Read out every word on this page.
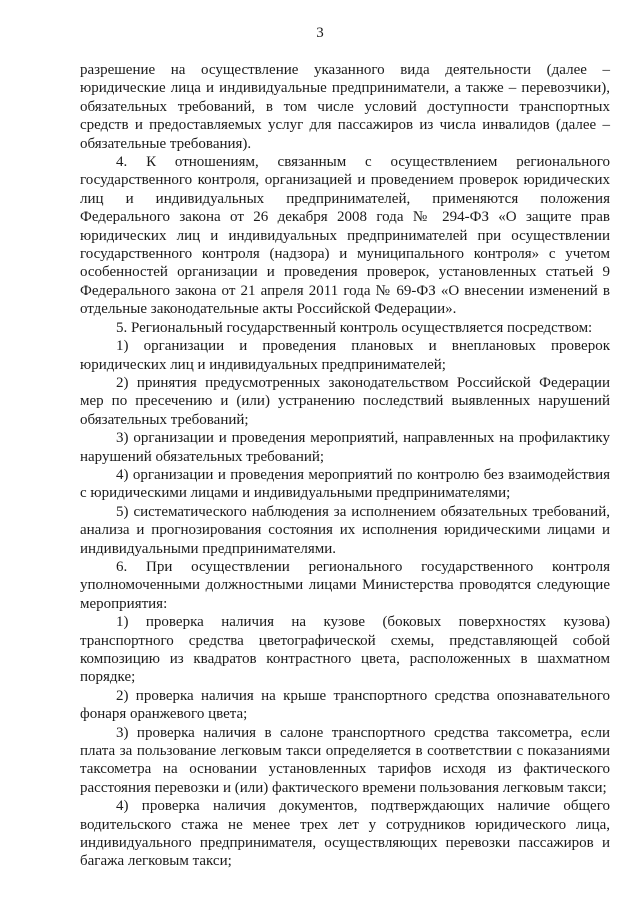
3

разрешение на осуществление указанного вида деятельности (далее – юридические лица и индивидуальные предприниматели, а также – перевозчики), обязательных требований, в том числе условий доступности транспортных средств и предоставляемых услуг для пассажиров из числа инвалидов (далее – обязательные требования).

4. К отношениям, связанным с осуществлением регионального государственного контроля, организацией и проведением проверок юридических лиц и индивидуальных предпринимателей, применяются положения Федерального закона от 26 декабря 2008 года № 294-ФЗ «О защите прав юридических лиц и индивидуальных предпринимателей при осуществлении государственного контроля (надзора) и муниципального контроля» с учетом особенностей организации и проведения проверок, установленных статьей 9 Федерального закона от 21 апреля 2011 года № 69-ФЗ «О внесении изменений в отдельные законодательные акты Российской Федерации».

5. Региональный государственный контроль осуществляется посредством:

1) организации и проведения плановых и внеплановых проверок юридических лиц и индивидуальных предпринимателей;

2) принятия предусмотренных законодательством Российской Федерации мер по пресечению и (или) устранению последствий выявленных нарушений обязательных требований;

3) организации и проведения мероприятий, направленных на профилактику нарушений обязательных требований;

4) организации и проведения мероприятий по контролю без взаимодействия с юридическими лицами и индивидуальными предпринимателями;

5) систематического наблюдения за исполнением обязательных требований, анализа и прогнозирования состояния их исполнения юридическими лицами и индивидуальными предпринимателями.

6. При осуществлении регионального государственного контроля уполномоченными должностными лицами Министерства проводятся следующие мероприятия:

1) проверка наличия на кузове (боковых поверхностях кузова) транспортного средства цветографической схемы, представляющей собой композицию из квадратов контрастного цвета, расположенных в шахматном порядке;

2) проверка наличия на крыше транспортного средства опознавательного фонаря оранжевого цвета;

3) проверка наличия в салоне транспортного средства таксометра, если плата за пользование легковым такси определяется в соответствии с показаниями таксометра на основании установленных тарифов исходя из фактического расстояния перевозки и (или) фактического времени пользования легковым такси;

4) проверка наличия документов, подтверждающих наличие общего водительского стажа не менее трех лет у сотрудников юридического лица, индивидуального предпринимателя, осуществляющих перевозки пассажиров и багажа легковым такси;
